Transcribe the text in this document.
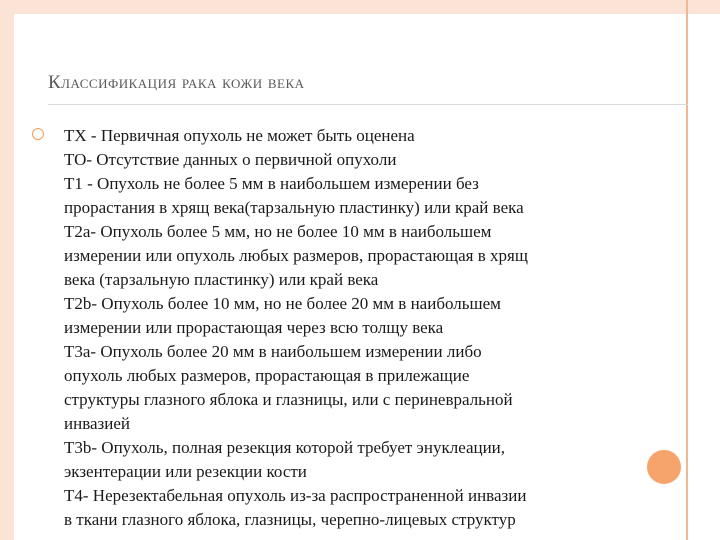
Классификация рака кожи века
TX - Первичная опухоль не может быть оценена
TO- Отсутствие данных о первичной опухоли
T1 - Опухоль не более 5 мм в наибольшем измерении без
прорастания в хрящ века(тарзальную пластинку) или край века
T2a- Опухоль более 5 мм, но не более 10 мм в наибольшем
измерении или опухоль любых размеров, прорастающая в хрящ
века (тарзальную пластинку) или край века
T2b- Опухоль более 10 мм, но не более 20 мм в наибольшем
измерении или прорастающая через всю толщу века
T3a- Опухоль более 20 мм в наибольшем измерении либо
опухоль любых размеров, прорастающая в прилежащие
структуры глазного яблока и глазницы, или с периневральной
инвазией
T3b- Опухоль, полная резекция которой требует энуклеации,
экзентерации или резекции кости
T4- Нерезектабельная опухоль из-за распространенной инвазии
в ткани глазного яблока, глазницы, черепно-лицевых структур
